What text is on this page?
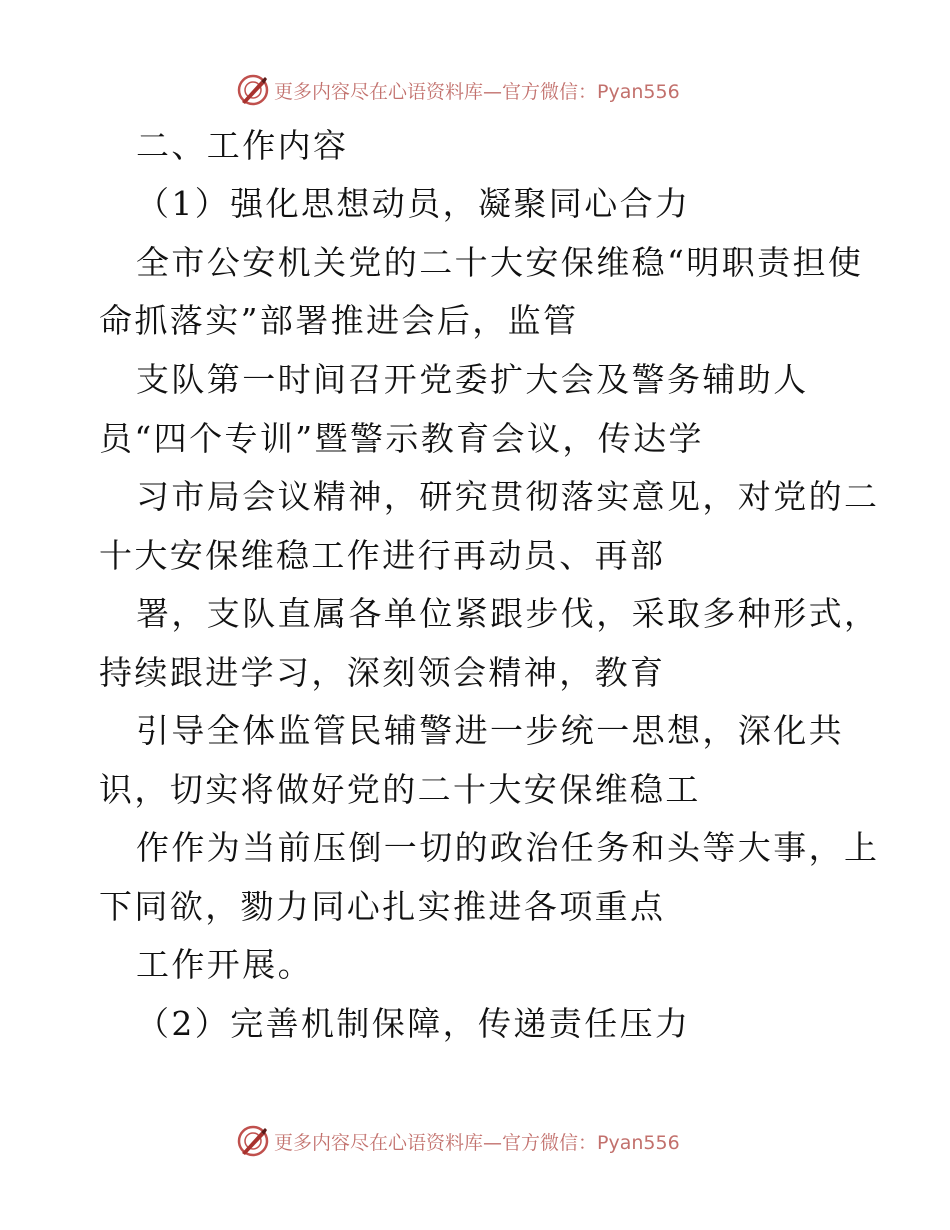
更多内容尽在心语资料库—官方微信：Pyan556
二、工作内容
（1）强化思想动员，凝聚同心合力
全市公安机关党的二十大安保维稳“明职责担使
命抓落实”部署推进会后，监管
支队第一时间召开党委扩大会及警务辅助人
员“四个专训”暨警示教育会议，传达学
习市局会议精神，研究贯彻落实意见，对党的二
十大安保维稳工作进行再动员、再部
署，支队直属各单位紧跟步伐，采取多种形式，
持续跟进学习，深刻领会精神，教育
引导全体监管民辅警进一步统一思想，深化共
识，切实将做好党的二十大安保维稳工
作作为当前压倒一切的政治任务和头等大事，上
下同欲，勠力同心扎实推进各项重点
工作开展。
（2）完善机制保障，传递责任压力
更多内容尽在心语资料库—官方微信：Pyan556
